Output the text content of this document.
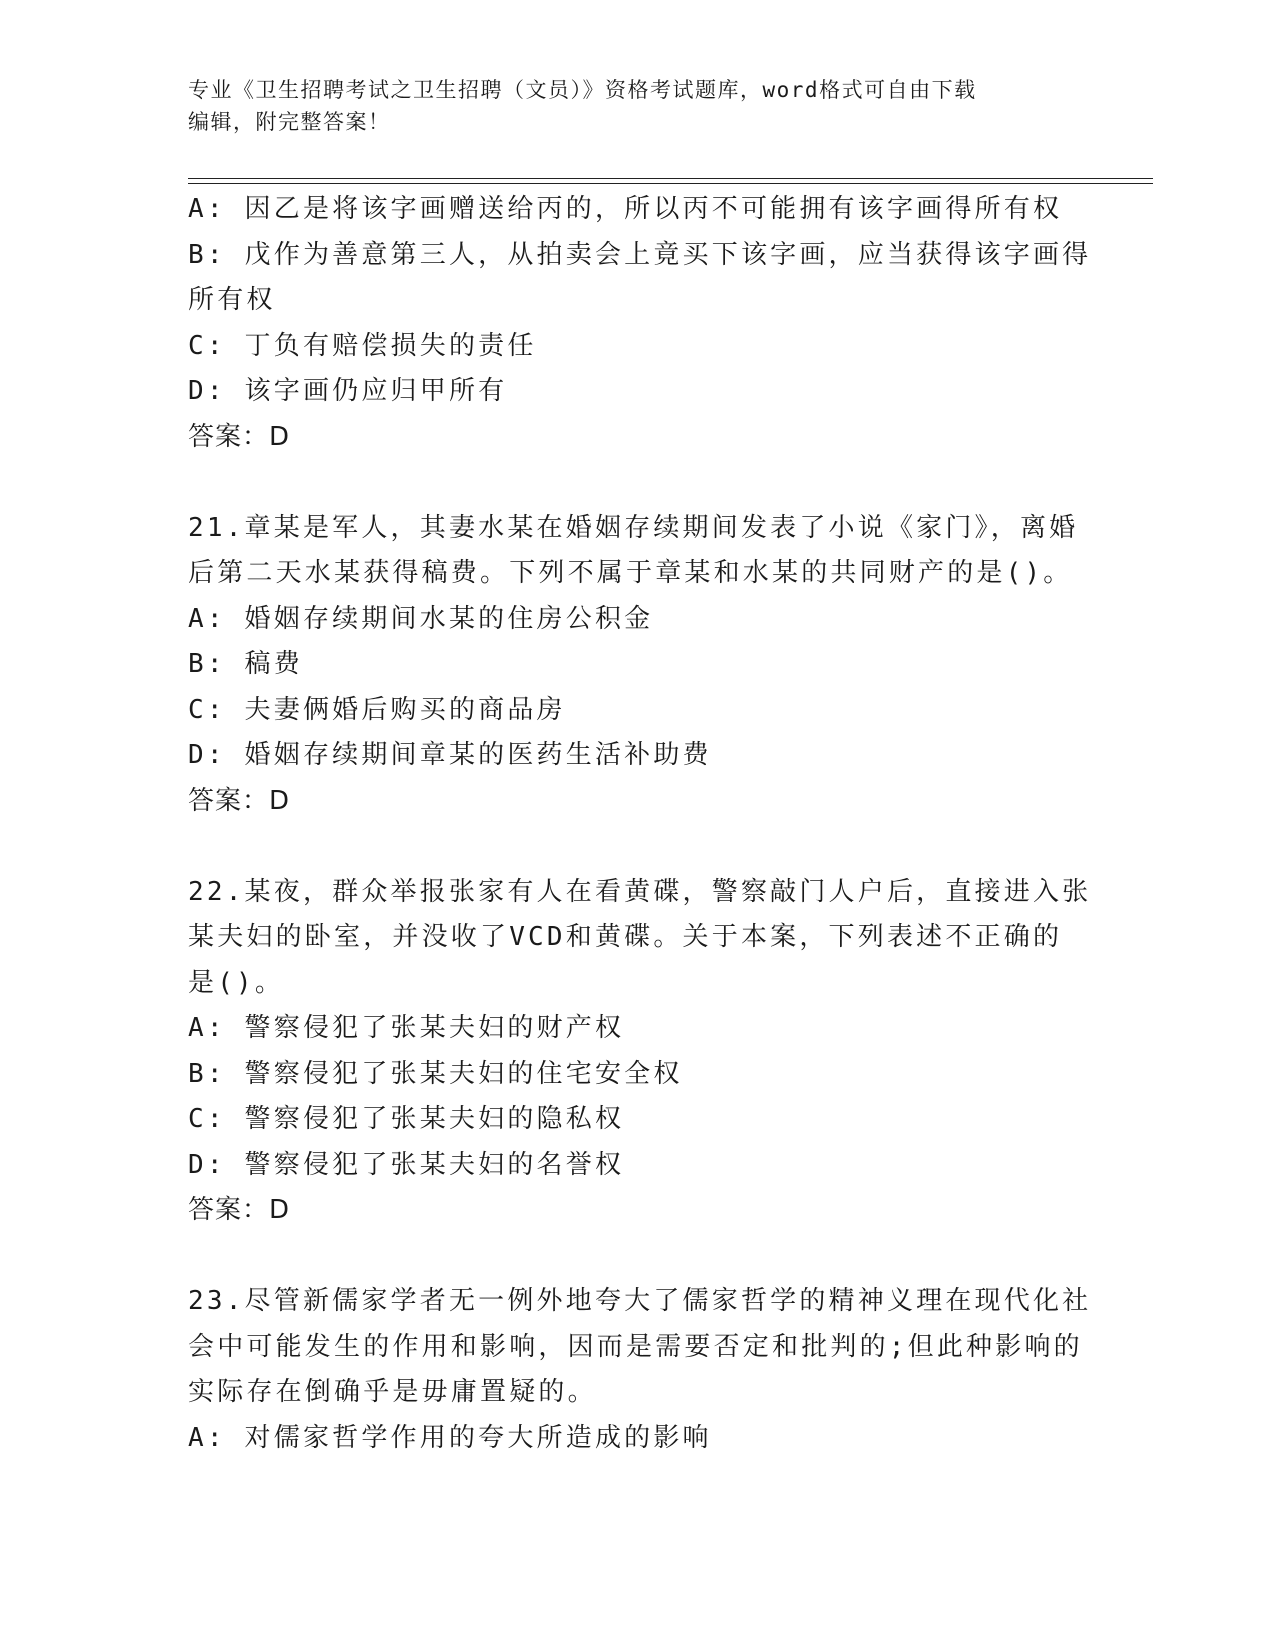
专业《卫生招聘考试之卫生招聘（文员）》资格考试题库，word格式可自由下载
编辑，附完整答案！
A: 因乙是将该字画赠送给丙的，所以丙不可能拥有该字画得所有权
B: 戊作为善意第三人，从拍卖会上竟买下该字画，应当获得该字画得
所有权
C: 丁负有赔偿损失的责任
D: 该字画仍应归甲所有
答案：D
21.章某是军人，其妻水某在婚姻存续期间发表了小说《家门》，离婚
后第二天水某获得稿费。下列不属于章某和水某的共同财产的是()。
A: 婚姻存续期间水某的住房公积金
B: 稿费
C: 夫妻俩婚后购买的商品房
D: 婚姻存续期间章某的医药生活补助费
答案：D
22.某夜，群众举报张家有人在看黄碟，警察敲门人户后，直接进入张
某夫妇的卧室，并没收了VCD和黄碟。关于本案，下列表述不正确的
是()。
A: 警察侵犯了张某夫妇的财产权
B: 警察侵犯了张某夫妇的住宅安全权
C: 警察侵犯了张某夫妇的隐私权
D: 警察侵犯了张某夫妇的名誉权
答案：D
23.尽管新儒家学者无一例外地夸大了儒家哲学的精神义理在现代化社
会中可能发生的作用和影响，因而是需要否定和批判的;但此种影响的
实际存在倒确乎是毋庸置疑的。
A: 对儒家哲学作用的夸大所造成的影响
